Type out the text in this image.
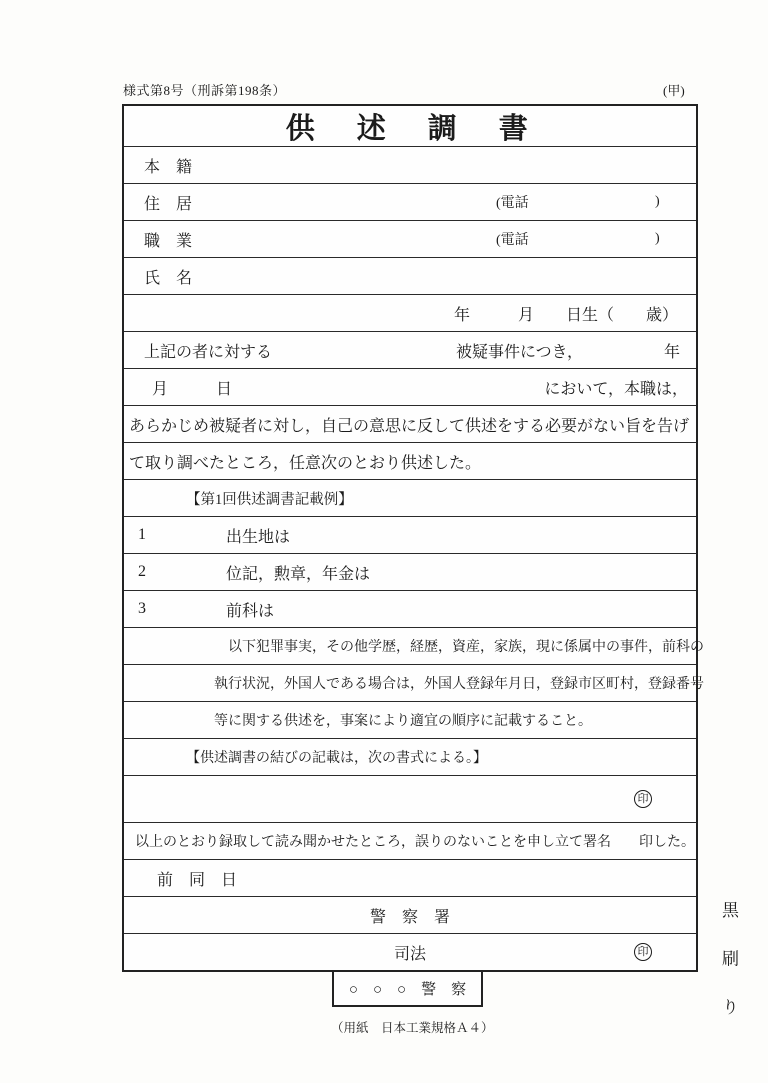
様式第8号（刑訴第198条）	(甲)
供　述　調　書
本　籍
住　居	(電話	)
職　業	(電話	)
氏　名
年　　　月　　日生（　　歳）
上記の者に対する	被疑事件につき，	年
月　　　日	において，本職は，
あらかじめ被疑者に対し，自己の意思に反して供述をする必要がない旨を告げ
て取り調べたところ，任意次のとおり供述した。
【第1回供述調書記載例】
1	出生地は
2	位記，勲章，年金は
3	前科は
以下犯罪事実，その他学歴，経歴，資産，家族，現に係属中の事件，前科の
執行状況，外国人である場合は，外国人登録年月日，登録市区町村，登録番号
等に関する供述を，事案により適宜の順序に記載すること。
【供述調書の結びの記載は，次の書式による。】
印
以上のとおり録取して読み聞かせたところ，誤りのないことを申し立て署名　　印した。
前　同　日
警　察　署
司法	印
○　○　○　警　察
（用紙　日本工業規格Ａ４）	黒刷り
